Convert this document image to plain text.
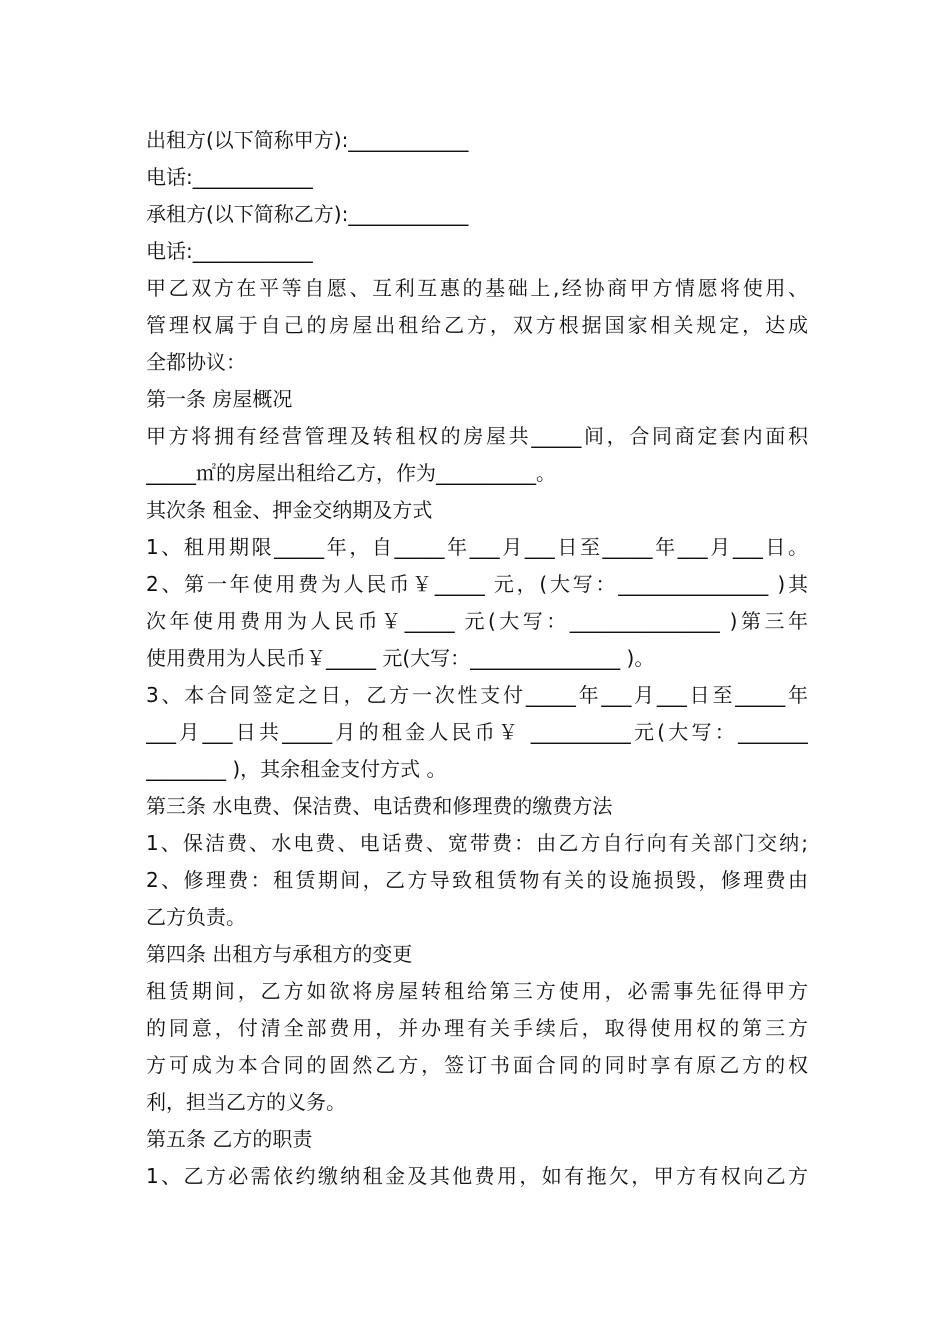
出租方(以下简称甲方):____________
电话:____________
承租方(以下简称乙方):____________
电话:____________
甲乙双方在平等自愿、互利互惠的基础上,经协商甲方情愿将使用、
管理权属于自己的房屋出租给乙方，双方根据国家相关规定，达成
全都协议：
第一条 房屋概况
甲方将拥有经营管理及转租权的房屋共_____间，合同商定套内面积
_____㎡的房屋出租给乙方，作为__________。
其次条 租金、押金交纳期及方式
1、租用期限_____年，自_____年___月___日至_____年___月___日。
2、第一年使用费为人民币￥_____ 元，(大写：_______________ )其
次年使用费用为人民币￥_____ 元(大写：_______________ )第三年
使用费用为人民币￥_____ 元(大写：_______________ )。
3、本合同签定之日，乙方一次性支付_____年___月___日至_____年
___月___日共_____月的租金人民币￥ __________元(大写：_______
________ )，其余租金支付方式 。
第三条 水电费、保洁费、电话费和修理费的缴费方法
1、保洁费、水电费、电话费、宽带费：由乙方自行向有关部门交纳;
2、修理费：租赁期间，乙方导致租赁物有关的设施损毁，修理费由
乙方负责。
第四条 出租方与承租方的变更
租赁期间，乙方如欲将房屋转租给第三方使用，必需事先征得甲方
的同意，付清全部费用，并办理有关手续后，取得使用权的第三方
方可成为本合同的固然乙方，签订书面合同的同时享有原乙方的权
利，担当乙方的义务。
第五条 乙方的职责
1、乙方必需依约缴纳租金及其他费用，如有拖欠，甲方有权向乙方
